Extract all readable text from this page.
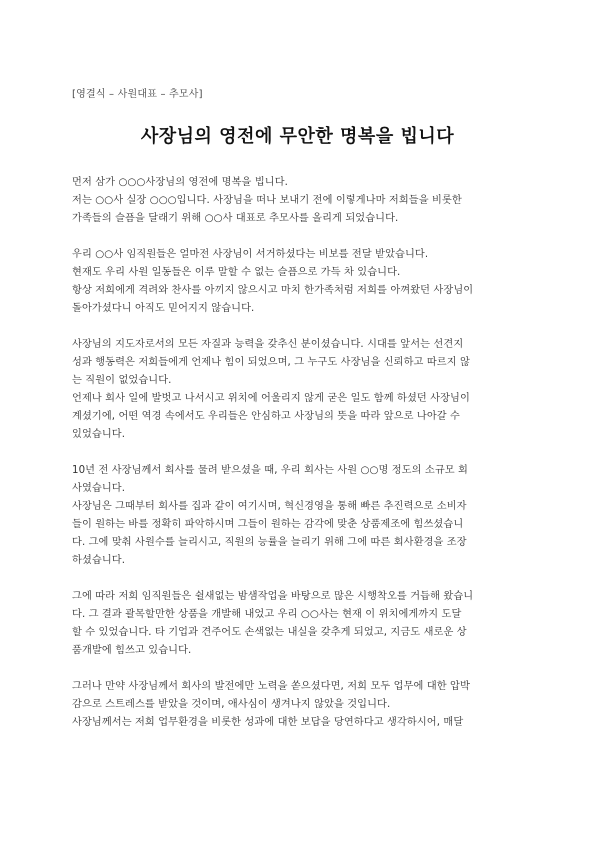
[영결식 – 사원대표 – 추모사]
사장님의 영전에 무안한 명복을 빕니다
먼저 삼가 ○○○사장님의 영전에 명복을 빕니다.
저는 ○○사 실장 ○○○입니다. 사장님을 떠나 보내기 전에 이렇게나마 저희들을 비롯한
가족들의 슬픔을 달래기 위해 ○○사 대표로 추모사를 올리게 되었습니다.
우리 ○○사 임직원들은 얼마전 사장님이 서거하셨다는 비보를 전달 받았습니다.
현재도 우리 사원 일동들은 이루 말할 수 없는 슬픔으로 가득 차 있습니다.
항상 저희에게 격려와 찬사를 아끼지 않으시고 마치 한가족처럼 저희를 아껴왔던 사장님이
돌아가셨다니 아직도 믿어지지 않습니다.
사장님의 지도자로서의 모든 자질과 능력을 갖추신 분이셨습니다. 시대를 앞서는 선견지
성과 행동력은 저희들에게 언제나 힘이 되었으며, 그 누구도 사장님을 신뢰하고 따르지 않
는 직원이 없었습니다.
언제나 회사 일에 발벗고 나서시고 위치에 어울리지 않게 굳은 일도 함께 하셨던 사장님이
계셨기에, 어떤 역경 속에서도 우리들은 안심하고 사장님의 뜻을 따라 앞으로 나아갈 수
있었습니다.
10년 전 사장님께서 회사를 물려 받으셨을 때, 우리 회사는 사원 ○○명 정도의 소규모 회
사였습니다.
사장님은 그때부터 회사를 집과 같이 여기시며, 혁신경영을 통해 빠른 추진력으로 소비자
들이 원하는 바를 정확히 파악하시며 그들이 원하는 감각에 맞춘 상품제조에 힘쓰셨습니
다. 그에 맞춰 사원수를 늘리시고, 직원의 능률을 늘리기 위해 그에 따른 회사환경을 조장
하셨습니다.
그에 따라 저희 임직원들은 쉴새없는 밤샘작업을 바탕으로 많은 시행착오를 거듭해 왔습니
다. 그 결과 괄목할만한 상품을 개발해 내었고 우리 ○○사는 현재 이 위치에게까지 도달
할 수 있었습니다. 타 기업과 견주어도 손색없는 내실을 갖추게 되었고, 지금도 새로운 상
품개발에 힘쓰고 있습니다.
그러나 만약 사장님께서 회사의 발전에만 노력을 쏟으셨다면, 저희 모두 업무에 대한 압박
감으로 스트레스를 받았을 것이며, 애사심이 생겨나지 않았을 것입니다.
사장님께서는 저희 업무환경을 비롯한 성과에 대한 보답을 당연하다고 생각하시어, 매달
